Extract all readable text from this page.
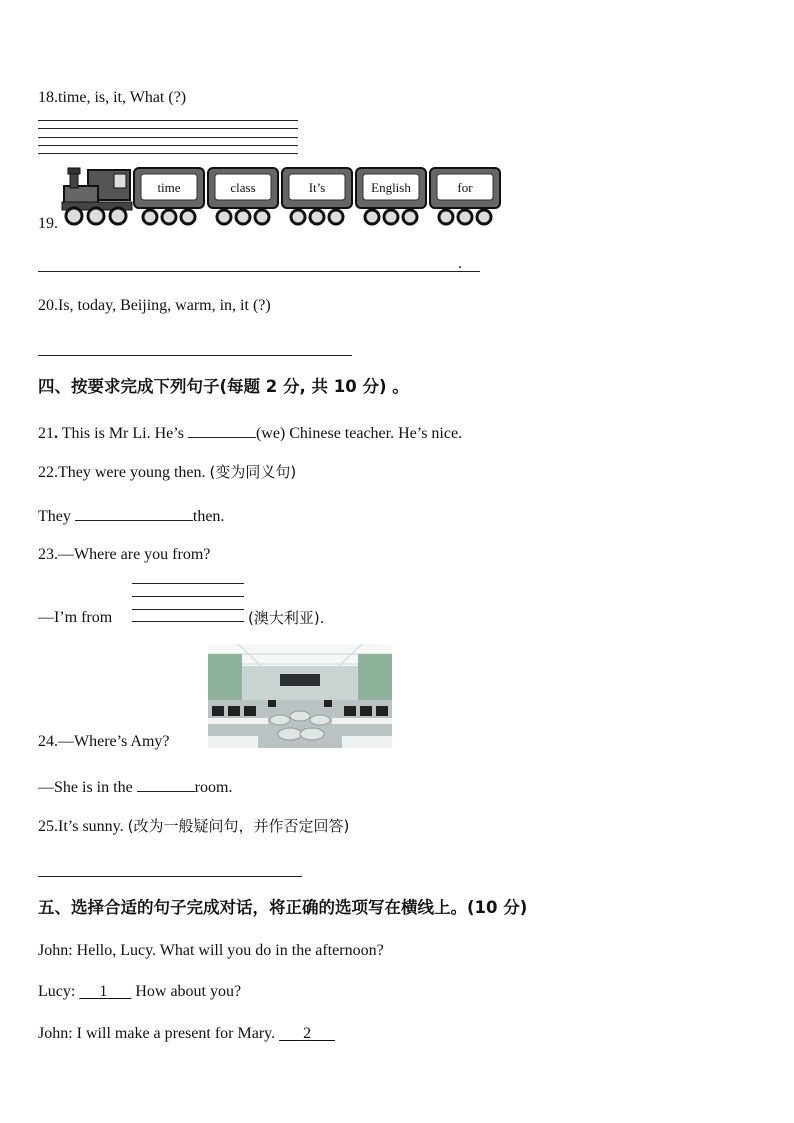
18.time, is, it, What (?)
19.
time	class	It’s	English	for
.
20.Is, today, Beijing, warm, in, it (?)
四、按要求完成下列句子(每题 2 分, 共 10 分) 。
21. This is Mr Li. He’s	(we) Chinese teacher. He’s nice.
22.They were young then. (变为同义句)
They	then.
23.—Where are you from?
—I’m from	(澳大利亚).
24.—Where’s Amy?
—She is in the	room.
25.It’s sunny. (改为一般疑问句，并作否定回答)
五、选择合适的句子完成对话，将正确的选项写在横线上。(10 分)
John: Hello, Lucy. What will you do in the afternoon?
Lucy: 1 How about you?
John: I will make a present for Mary.       2
